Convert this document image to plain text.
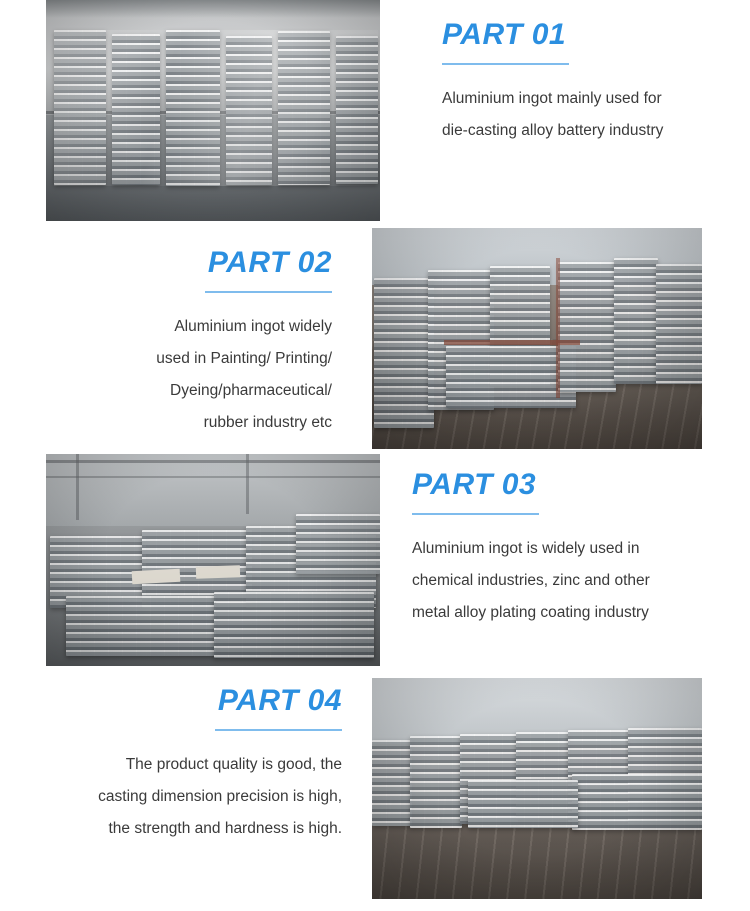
PART 01
Aluminium ingot mainly used for
die-casting alloy battery industry
PART 02
Aluminium ingot widely
used in Painting/ Printing/
Dyeing/pharmaceutical/
rubber industry etc
PART 03
Aluminium ingot is widely used in
chemical industries, zinc and other
metal alloy plating coating industry
PART 04
The product quality is good, the
casting dimension precision is high,
the strength and hardness is high.
